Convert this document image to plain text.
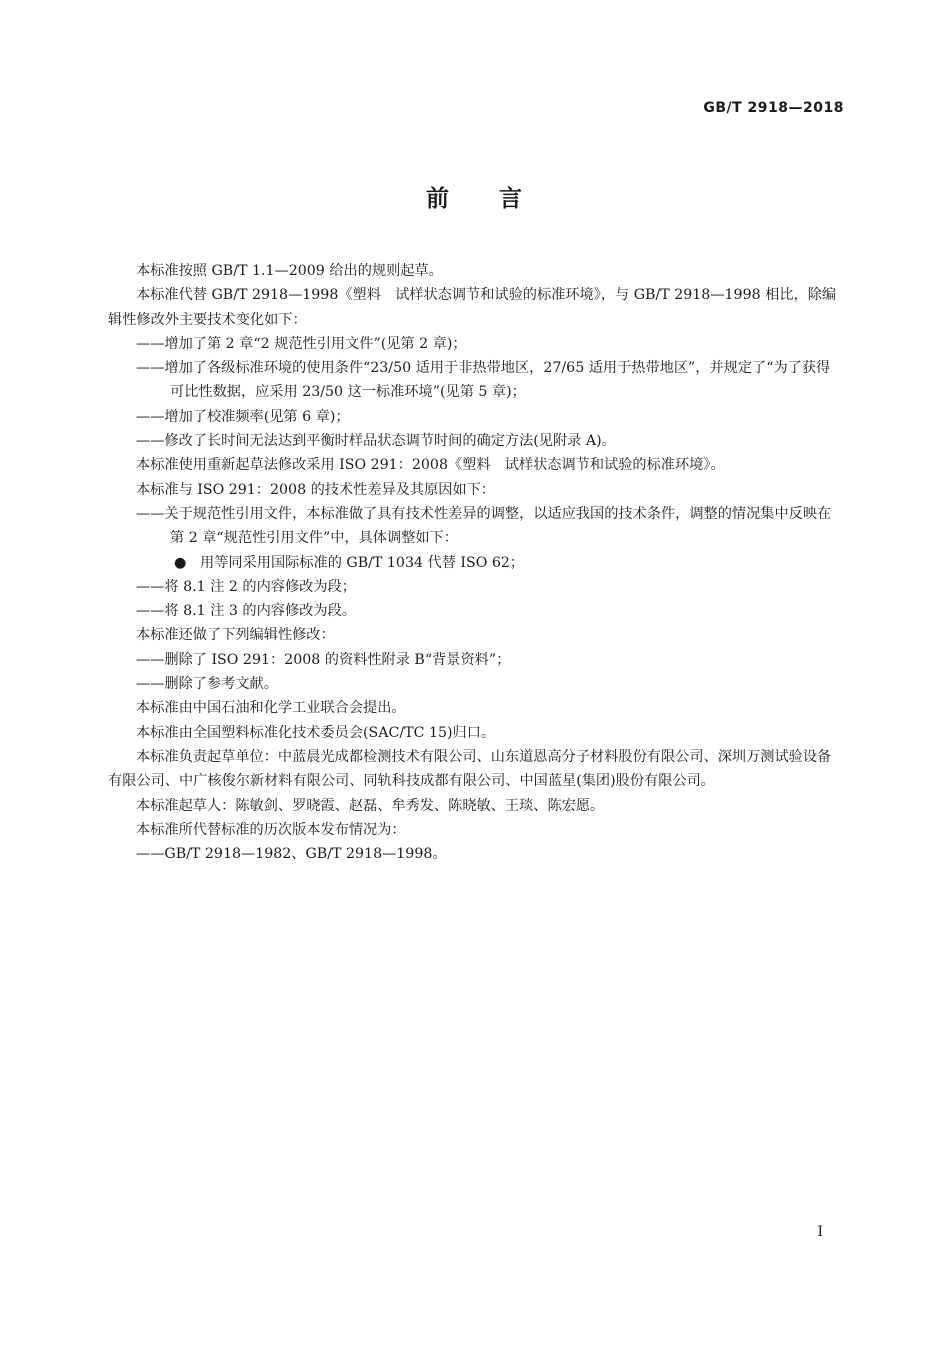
GB/T 2918—2018
前 言

本标准按照 GB/T 1.1—2009 给出的规则起草。

本标准代替 GB/T 2918—1998《塑料　试样状态调节和试验的标准环境》，与 GB/T 2918—1998 相比，除编辑性修改外主要技术变化如下：

——增加了第 2 章“2 规范性引用文件”(见第 2 章)；

——增加了各级标准环境的使用条件“23/50 适用于非热带地区，27/65 适用于热带地区”，并规定了“为了获得可比性数据，应采用 23/50 这一标准环境”(见第 5 章)；

——增加了校准频率(见第 6 章)；

——修改了长时间无法达到平衡时样品状态调节时间的确定方法(见附录 A)。

本标准使用重新起草法修改采用 ISO 291：2008《塑料　试样状态调节和试验的标准环境》。

本标准与 ISO 291：2008 的技术性差异及其原因如下：

——关于规范性引用文件，本标准做了具有技术性差异的调整，以适应我国的技术条件，调整的情况集中反映在第 2 章“规范性引用文件”中，具体调整如下：

● 用等同采用国际标准的 GB/T 1034 代替 ISO 62；

——将 8.1 注 2 的内容修改为段；

——将 8.1 注 3 的内容修改为段。

本标准还做了下列编辑性修改：

——删除了 ISO 291：2008 的资料性附录 B“背景资料”；

——删除了参考文献。

本标准由中国石油和化学工业联合会提出。

本标准由全国塑料标准化技术委员会(SAC/TC 15)归口。

本标准负责起草单位：中蓝晨光成都检测技术有限公司、山东道恩高分子材料股份有限公司、深圳万测试验设备有限公司、中广核俊尔新材料有限公司、同轨科技成都有限公司、中国蓝星(集团)股份有限公司。

本标准起草人：陈敏剑、罗晓霞、赵磊、牟秀发、陈晓敏、王琰、陈宏愿。

本标准所代替标准的历次版本发布情况为：

——GB/T 2918—1982、GB/T 2918—1998。

I
